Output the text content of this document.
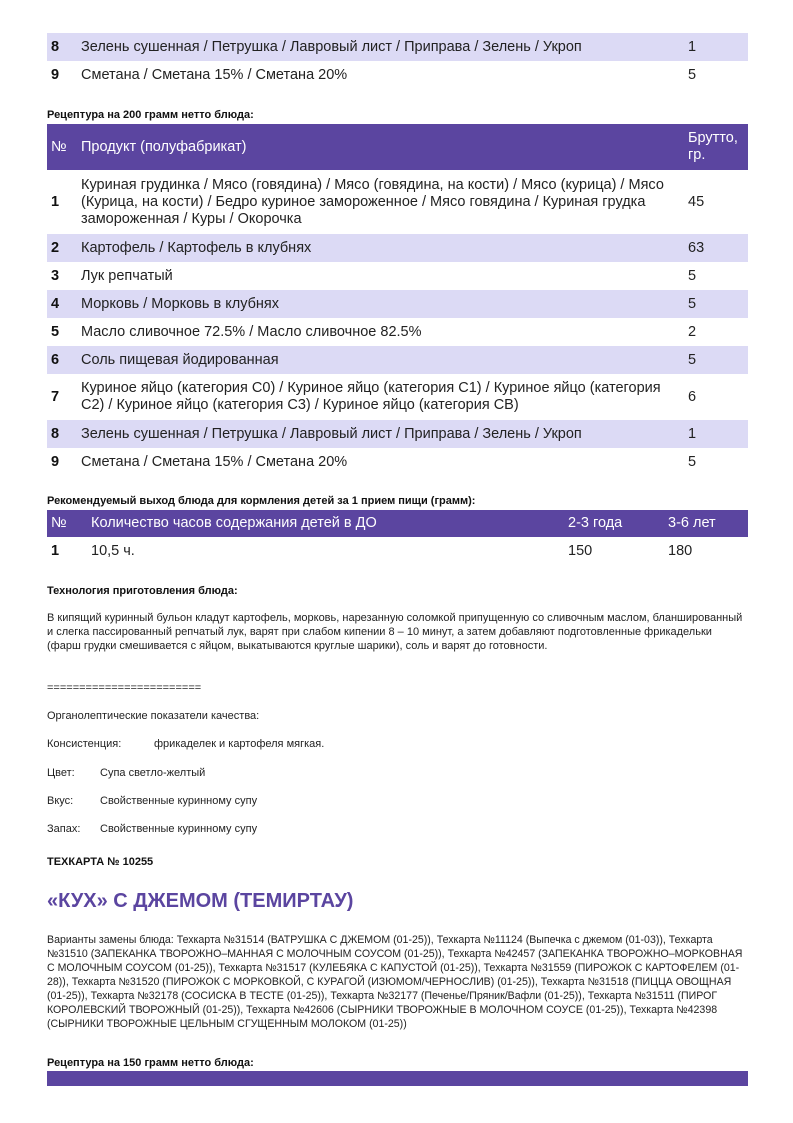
8	Зелень сушенная / Петрушка / Лавровый лист / Приправа / Зелень / Укроп	1
9	Сметана / Сметана 15% / Сметана 20%	5
Рецептура на 200 грамм нетто блюда:
№	Продукт (полуфабрикат)	Брутто, гр.
1	Куриная грудинка / Мясо (говядина) / Мясо (говядина, на кости) / Мясо (курица) / Мясо (Курица, на кости) / Бедро куриное замороженное / Мясо говядина / Куриная грудка замороженная / Куры / Окорочка	45
2	Картофель / Картофель в клубнях	63
3	Лук репчатый	5
4	Морковь / Морковь в клубнях	5
5	Масло сливочное 72.5% / Масло сливочное 82.5%	2
6	Соль пищевая йодированная	5
7	Куриное яйцо (категория С0) / Куриное яйцо (категория С1) / Куриное яйцо (категория С2) / Куриное яйцо (категория С3) / Куриное яйцо (категория СВ)	6
8	Зелень сушенная / Петрушка / Лавровый лист / Приправа / Зелень / Укроп	1
9	Сметана / Сметана 15% / Сметана 20%	5
Рекомендуемый выход блюда для кормления детей за 1 прием пищи (грамм):
№	Количество часов содержания детей в ДО	2-3 года	3-6 лет
1	10,5 ч.	150	180
Технология приготовления блюда:
В кипящий куринный бульон кладут картофель, морковь, нарезанную соломкой припущенную со сливочным маслом, бланшированный и слегка пассированный репчатый лук, варят при слабом кипении 8 – 10 минут, а затем добавляют подготовленные фрикадельки (фарш грудки смешивается с яйцом, выкатываются круглые шарики), соль и варят до готовности.
========================
Органолептические показатели качества:
Консистенция:	фрикаделек и картофеля мягкая.
Цвет: Супа светло-желтый
Вкус: Свойственные куринному супу
Запах: Свойственные куринному супу
ТЕХКАРТА № 10255
«КУХ» С ДЖЕМОМ (ТЕМИРТАУ)
Варианты замены блюда: Техкарта №31514 (ВАТРУШКА С ДЖЕМОМ (01-25)), Техкарта №11124 (Выпечка с джемом (01-03)), Техкарта №31510 (ЗАПЕКАНКА ТВОРОЖНО–МАННАЯ С МОЛОЧНЫМ СОУСОМ (01-25)), Техкарта №42457 (ЗАПЕКАНКА ТВОРОЖНО–МОРКОВНАЯ С МОЛОЧНЫМ СОУСОМ (01-25)), Техкарта №31517 (КУЛЕБЯКА С КАПУСТОЙ (01-25)), Техкарта №31559 (ПИРОЖОК С КАРТОФЕЛЕМ (01-28)), Техкарта №31520 (ПИРОЖОК С МОРКОВКОЙ, С КУРАГОЙ (ИЗЮМОМ/ЧЕРНОСЛИВ) (01-25)), Техкарта №31518 (ПИЦЦА ОВОЩНАЯ (01-25)), Техкарта №32178 (СОСИСКА В ТЕСТЕ (01-25)), Техкарта №32177 (Печенье/Пряник/Вафли (01-25)), Техкарта №31511 (ПИРОГ КОРОЛЕВСКИЙ ТВОРОЖНЫЙ (01-25)), Техкарта №42606 (СЫРНИКИ ТВОРОЖНЫЕ В МОЛОЧНОМ СОУСЕ (01-25)), Техкарта №42398 (СЫРНИКИ ТВОРОЖНЫЕ ЦЕЛЬНЫМ СГУЩЕННЫМ МОЛОКОМ (01-25))
Рецептура на 150 грамм нетто блюда:
